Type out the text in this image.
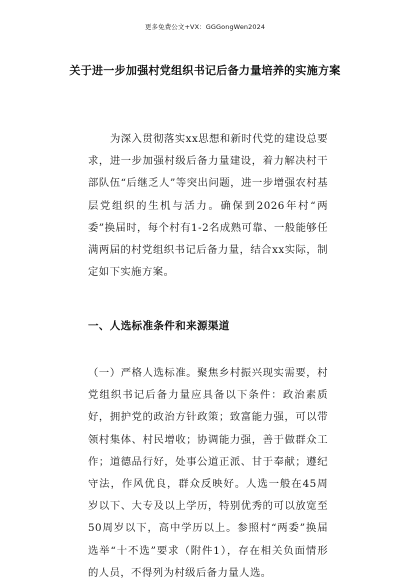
更多免费公文+VX：GGGongWen2024
关于进一步加强村党组织书记后备力量培养的实施方案

为深入贯彻落实xx思想和新时代党的建设总要求，进一步加强村级后备力量建设，着力解决村干部队伍“后继乏人”等突出问题，进一步增强农村基层党组织的生机与活力。确保到2026年村“两委”换届时，每个村有1-2名成熟可靠、一般能够任满两届的村党组织书记后备力量，结合xx实际，制定如下实施方案。

一、人选标准条件和来源渠道

（一）严格人选标准。聚焦乡村振兴现实需要，村党组织书记后备力量应具备以下条件：政治素质好，拥护党的政治方针政策；致富能力强，可以带领村集体、村民增收；协调能力强，善于做群众工作；道德品行好，处事公道正派、甘于奉献；遵纪守法，作风优良，群众反映好。人选一般在45周岁以下、大专及以上学历，特别优秀的可以放宽至50周岁以下，高中学历以上。参照村“两委”换届选举“十不选”要求（附件1），存在相关负面情形的人员，不得列为村级后备力量人选。
